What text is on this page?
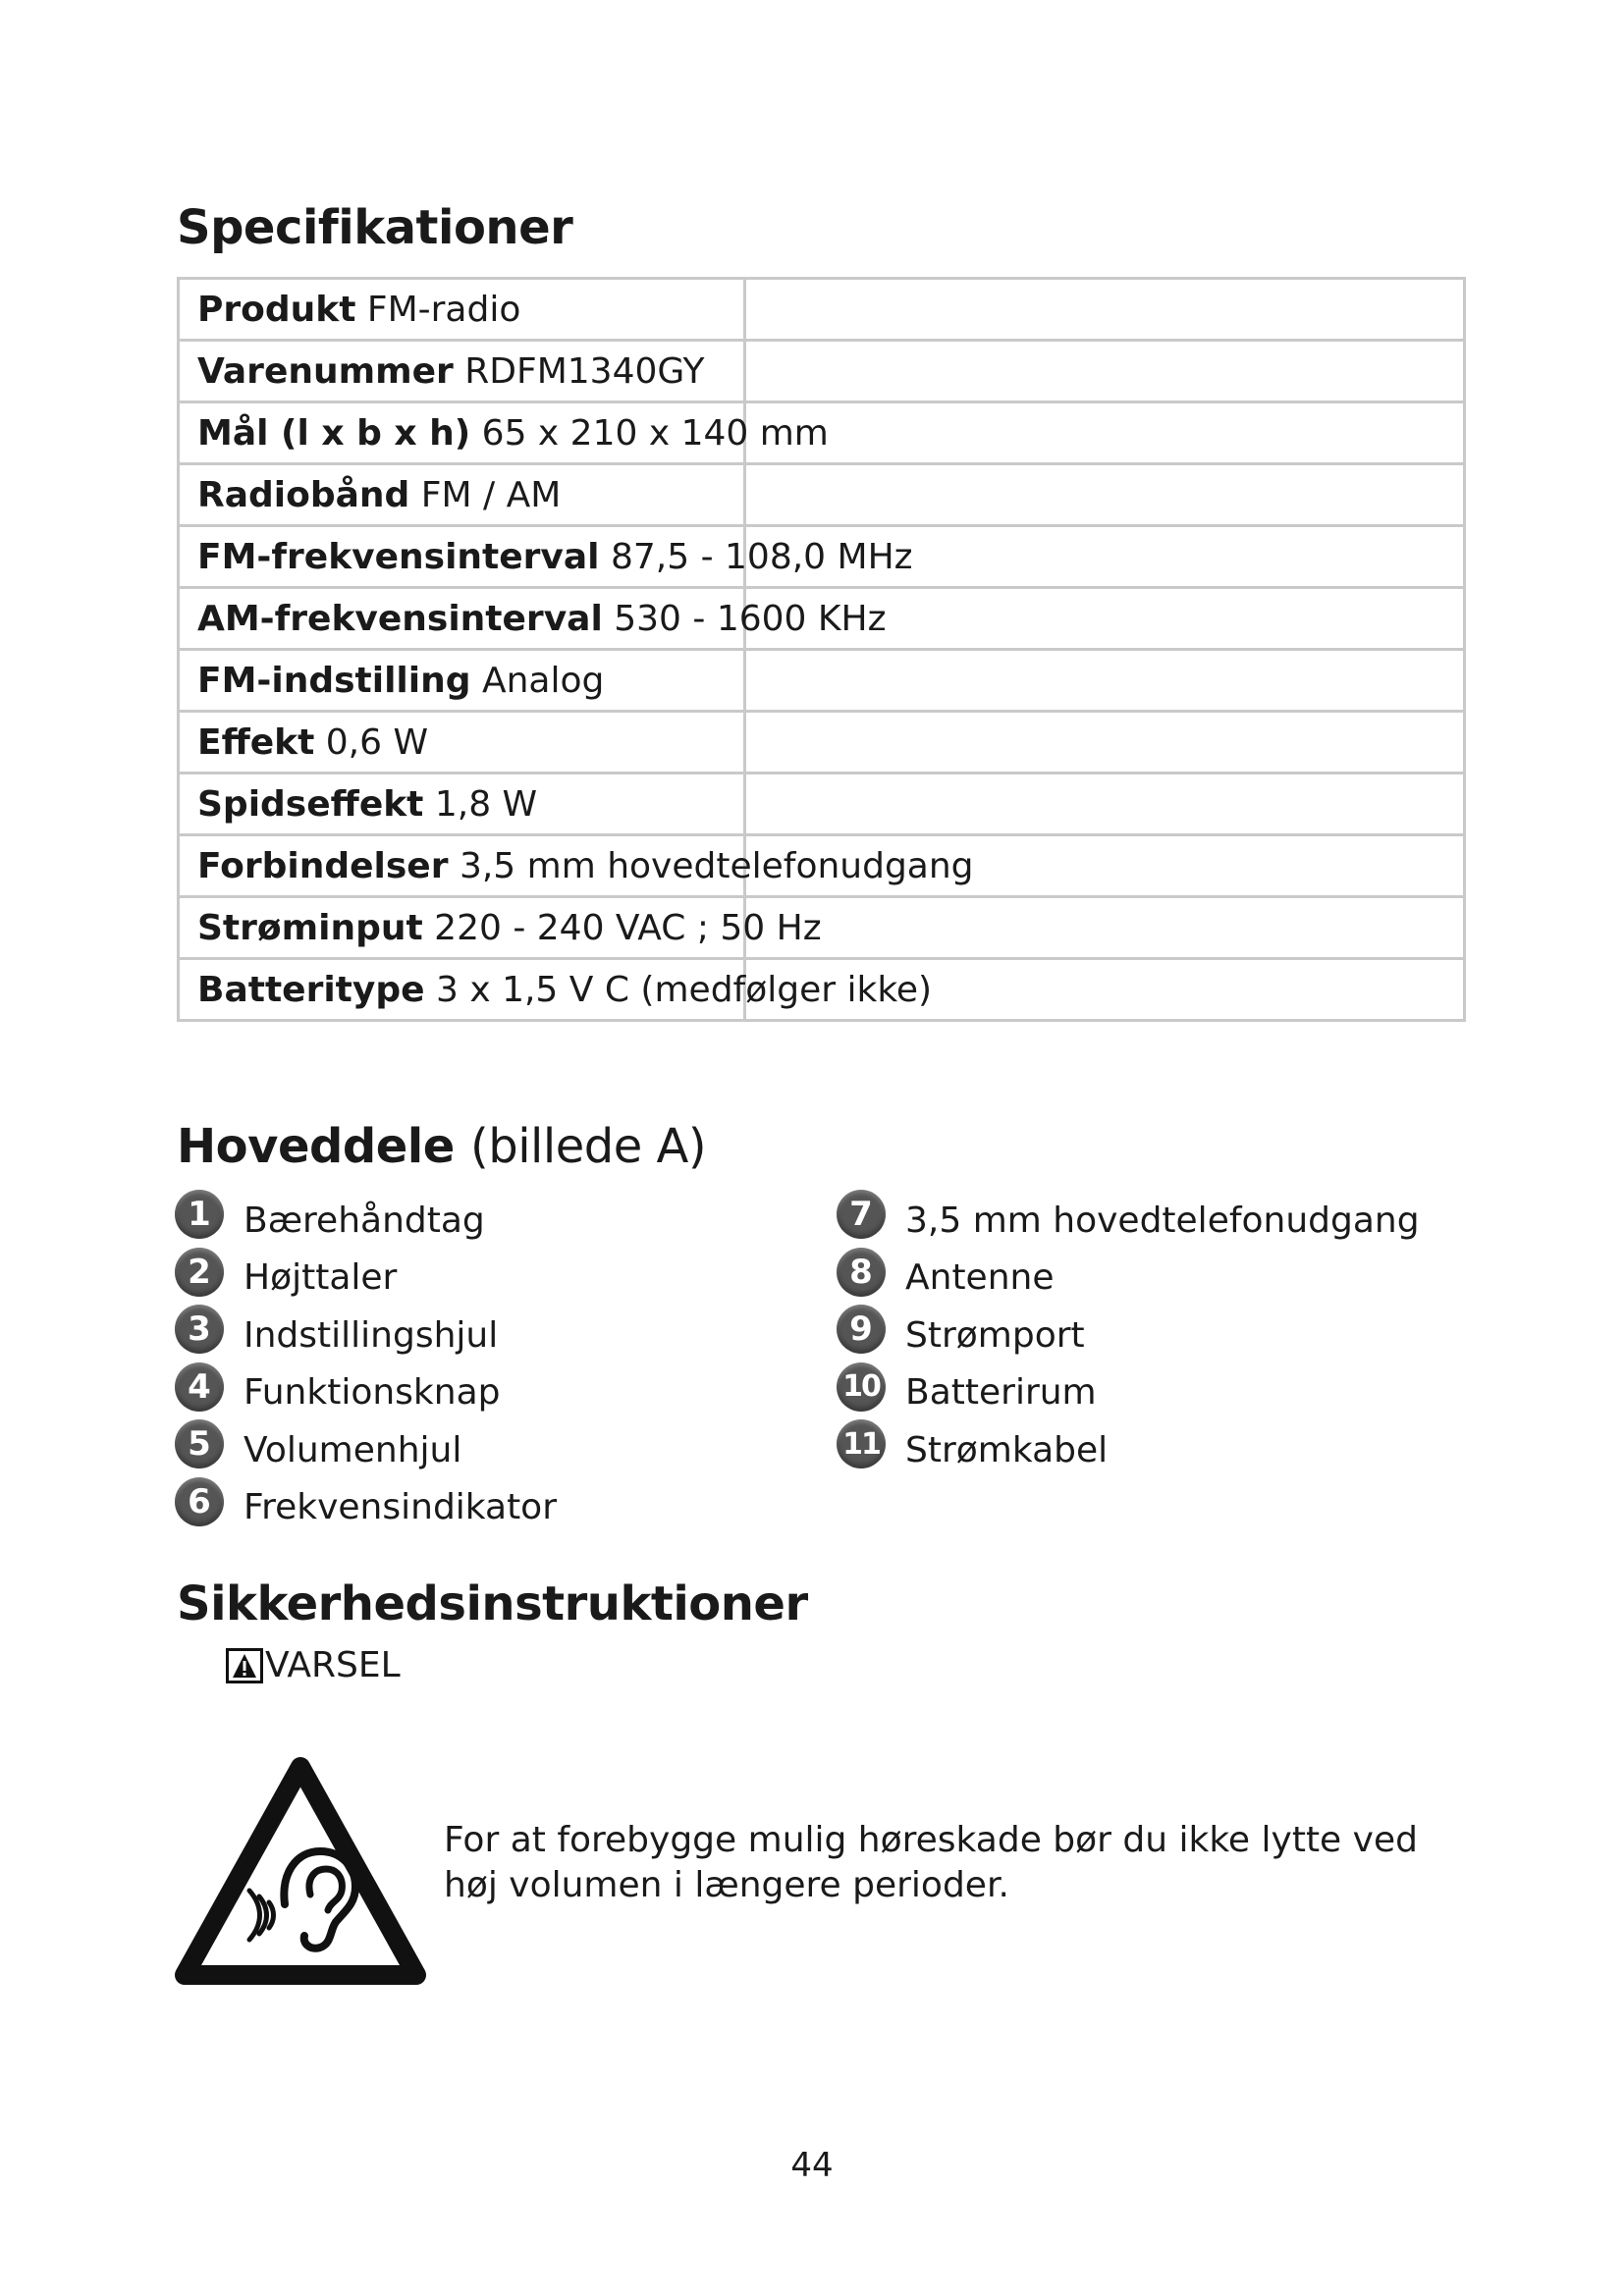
Specifikationer
Produkt FM-radio	
Varenummer RDFM1340GY	
Mål (l x b x h) 65 x 210 x 140 mm	
Radiobånd FM / AM	
FM-frekvensinterval 87,5 - 108,0 MHz	
AM-frekvensinterval 530 - 1600 KHz	
FM-indstilling Analog	
Effekt 0,6 W	
Spidseffekt 1,8 W	
Forbindelser 3,5 mm hovedtelefonudgang	
Strøminput 220 - 240 VAC ; 50 Hz	
Batteritype 3 x 1,5 V C (medfølger ikke)	
Hoveddele (billede A)
1 Bærehåndtag
2 Højttaler
3 Indstillingshjul
4 Funktionsknap
5 Volumenhjul
6 Frekvensindikator
7 3,5 mm hovedtelefonudgang
8 Antenne
9 Strømport
10 Batterirum
11 Strømkabel
Sikkerhedsinstruktioner
VARSEL
For at forebygge mulig høreskade bør du ikke lytte ved høj volumen i længere perioder.
44
